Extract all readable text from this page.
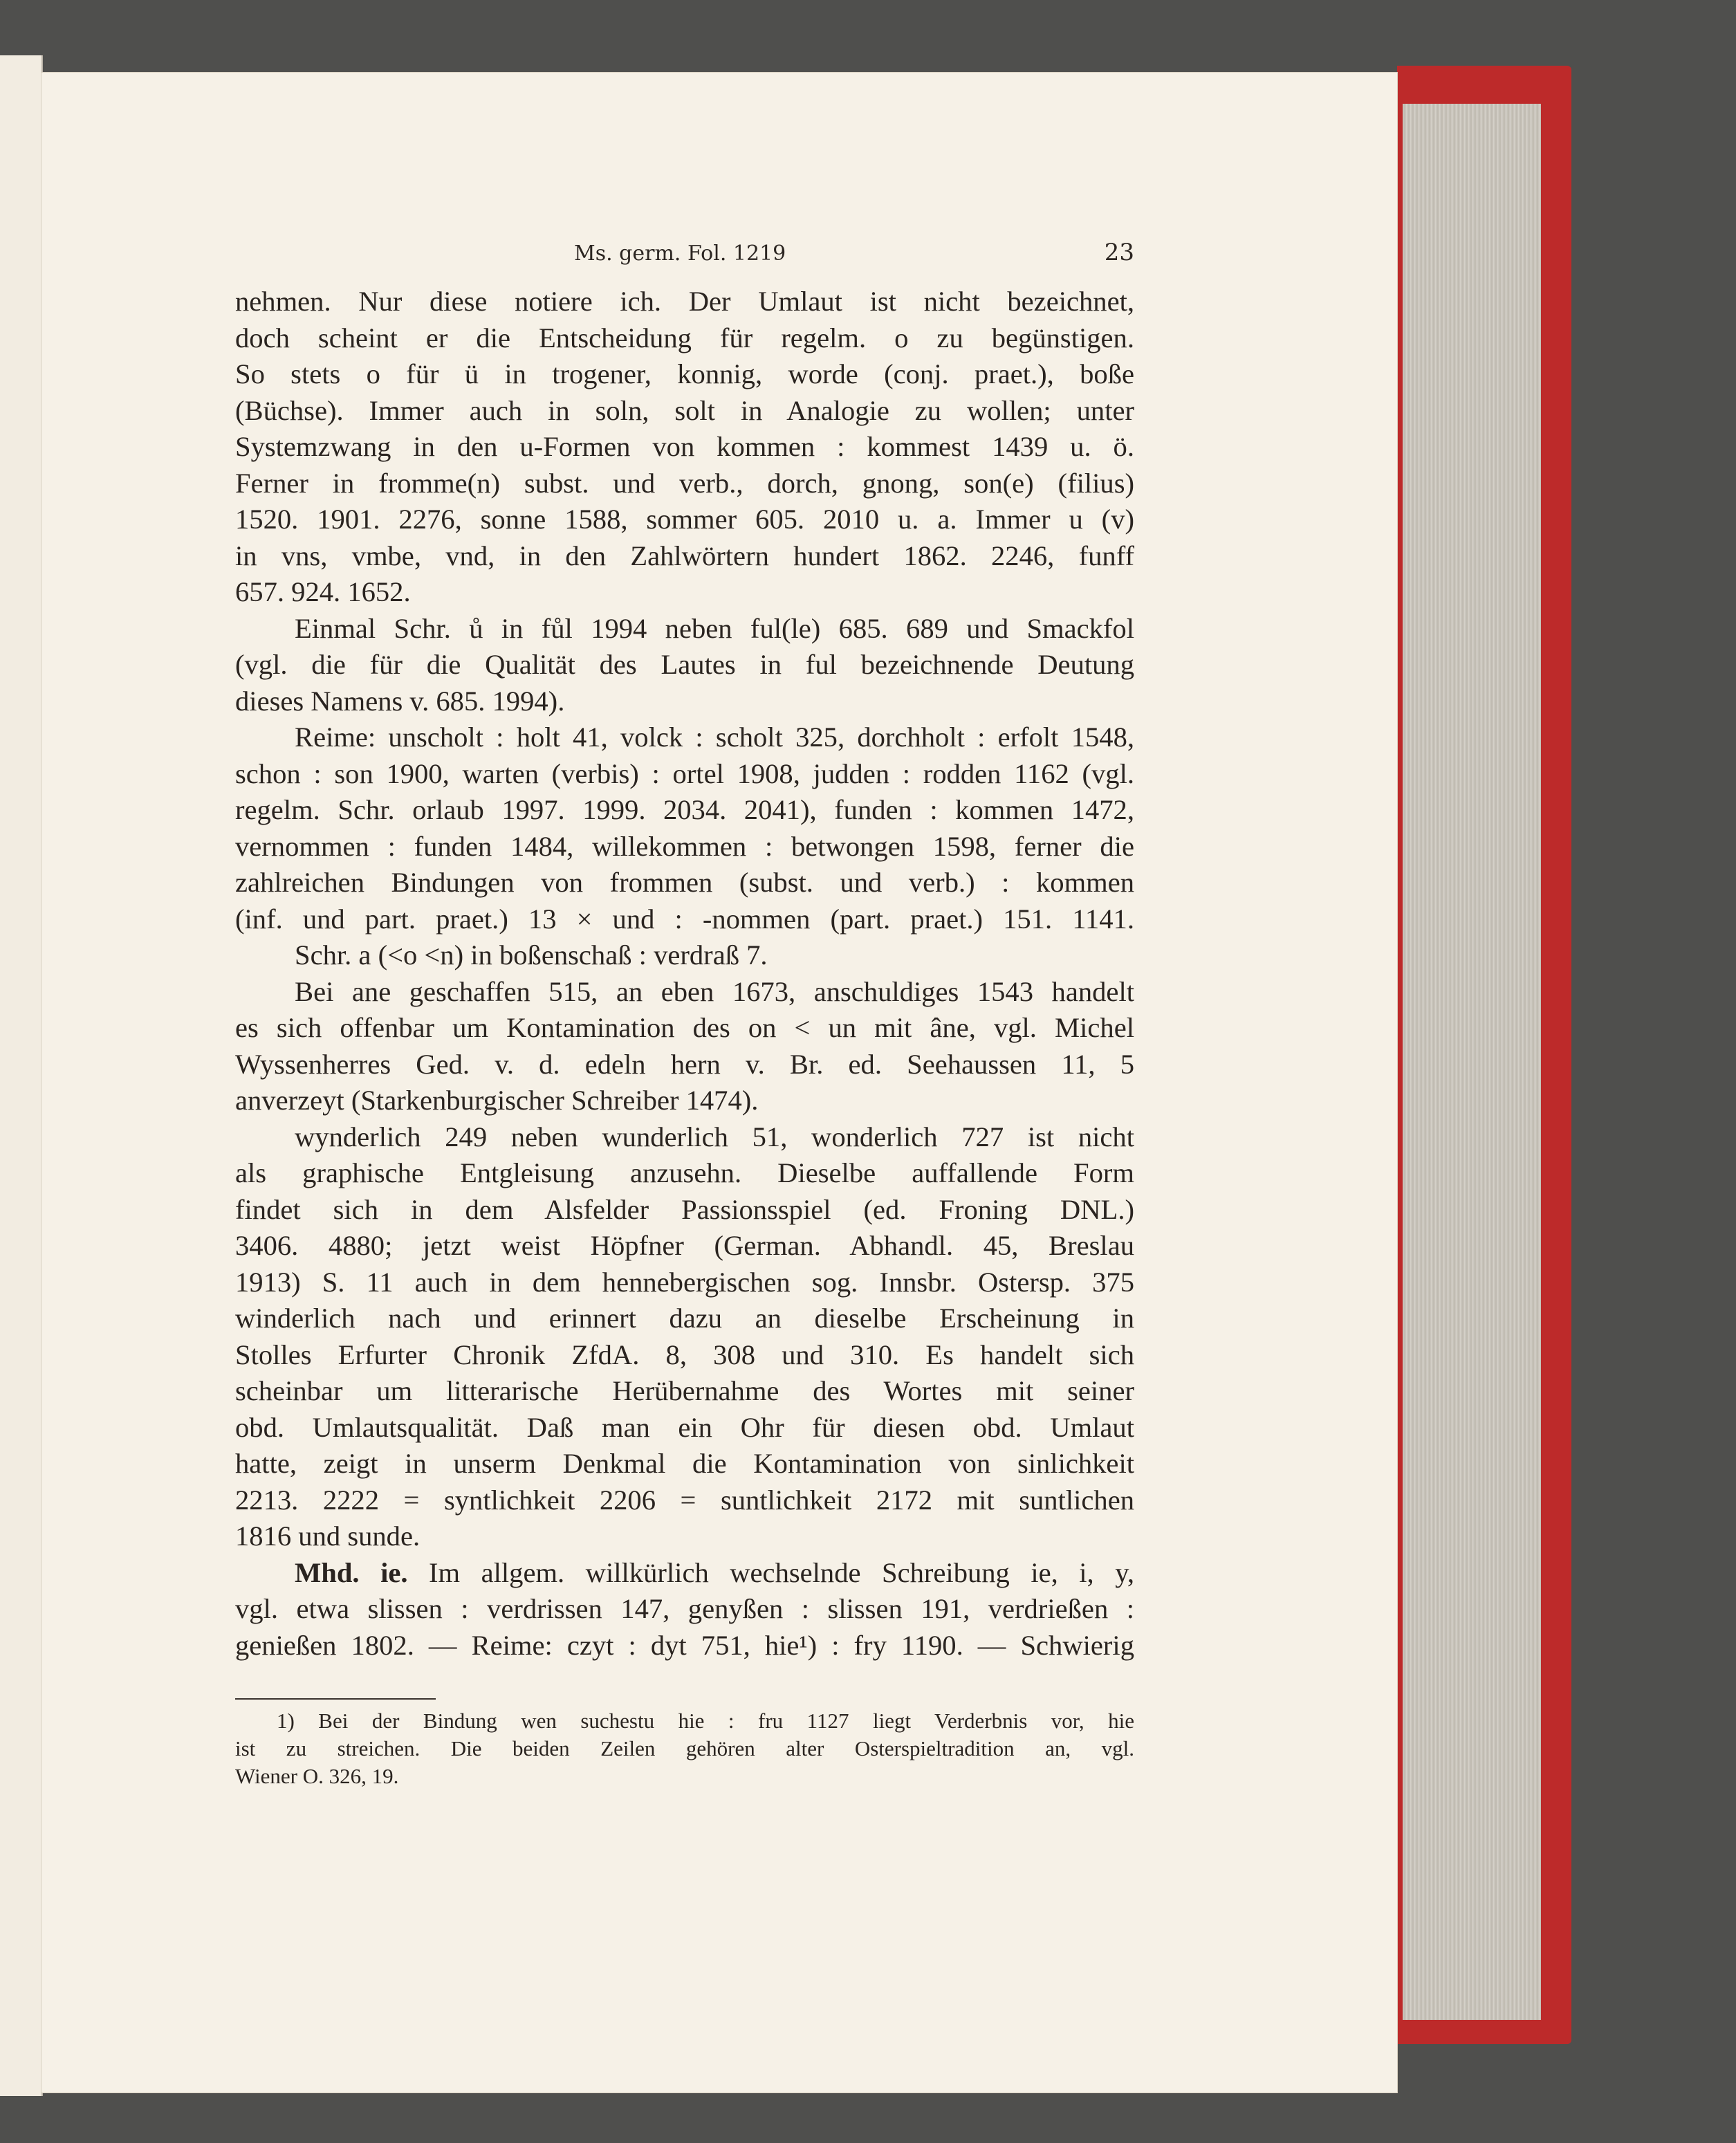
Ms. germ. Fol. 1219	23
nehmen. Nur diese notiere ich. Der Umlaut ist nicht bezeichnet,
doch scheint er die Entscheidung für regelm. o zu begünstigen.
So stets o für ü in trogener, konnig, worde (conj. praet.), boße
(Büchse). Immer auch in soln, solt in Analogie zu wollen; unter
Systemzwang in den u-Formen von kommen : kommest 1439 u. ö.
Ferner in fromme(n) subst. und verb., dorch, gnong, son(e) (filius)
1520. 1901. 2276, sonne 1588, sommer 605. 2010 u. a. Immer u (v)
in vns, vmbe, vnd, in den Zahlwörtern hundert 1862. 2246, funff
657. 924. 1652.
Einmal Schr. ů in fůl 1994 neben ful(le) 685. 689 und Smackfol
(vgl. die für die Qualität des Lautes in ful bezeichnende Deutung
dieses Namens v. 685. 1994).
Reime: unscholt : holt 41, volck : scholt 325, dorchholt : erfolt 1548,
schon : son 1900, warten (verbis) : ortel 1908, judden : rodden 1162 (vgl.
regelm. Schr. orlaub 1997. 1999. 2034. 2041), funden : kommen 1472,
vernommen : funden 1484, willekommen : betwongen 1598, ferner die
zahlreichen Bindungen von frommen (subst. und verb.) : kommen
(inf. und part. praet.) 13 × und : -nommen (part. praet.) 151. 1141.
Schr. a (<o <n) in boßenschaß : verdraß 7.
Bei ane geschaffen 515, an eben 1673, anschuldiges 1543 handelt
es sich offenbar um Kontamination des on < un mit âne, vgl. Michel
Wyssenherres Ged. v. d. edeln hern v. Br. ed. Seehaussen 11, 5
anverzeyt (Starkenburgischer Schreiber 1474).
wynderlich 249 neben wunderlich 51, wonderlich 727 ist nicht
als graphische Entgleisung anzusehn. Dieselbe auffallende Form
findet sich in dem Alsfelder Passionsspiel (ed. Froning DNL.)
3406. 4880; jetzt weist Höpfner (German. Abhandl. 45, Breslau
1913) S. 11 auch in dem hennebergischen sog. Innsbr. Ostersp. 375
winderlich nach und erinnert dazu an dieselbe Erscheinung in
Stolles Erfurter Chronik ZfdA. 8, 308 und 310. Es handelt sich
scheinbar um litterarische Herübernahme des Wortes mit seiner
obd. Umlautsqualität. Daß man ein Ohr für diesen obd. Umlaut
hatte, zeigt in unserm Denkmal die Kontamination von sinlichkeit
2213. 2222 = syntlichkeit 2206 = suntlichkeit 2172 mit suntlichen
1816 und sunde.
Mhd. ie. Im allgem. willkürlich wechselnde Schreibung ie, i, y,
vgl. etwa slissen : verdrissen 147, genyßen : slissen 191, verdrießen :
genießen 1802. — Reime: czyt : dyt 751, hie¹) : fry 1190. — Schwierig
1) Bei der Bindung wen suchestu hie : fru 1127 liegt Verderbnis vor, hie
ist zu streichen. Die beiden Zeilen gehören alter Osterspieltradition an, vgl.
Wiener O. 326, 19.
